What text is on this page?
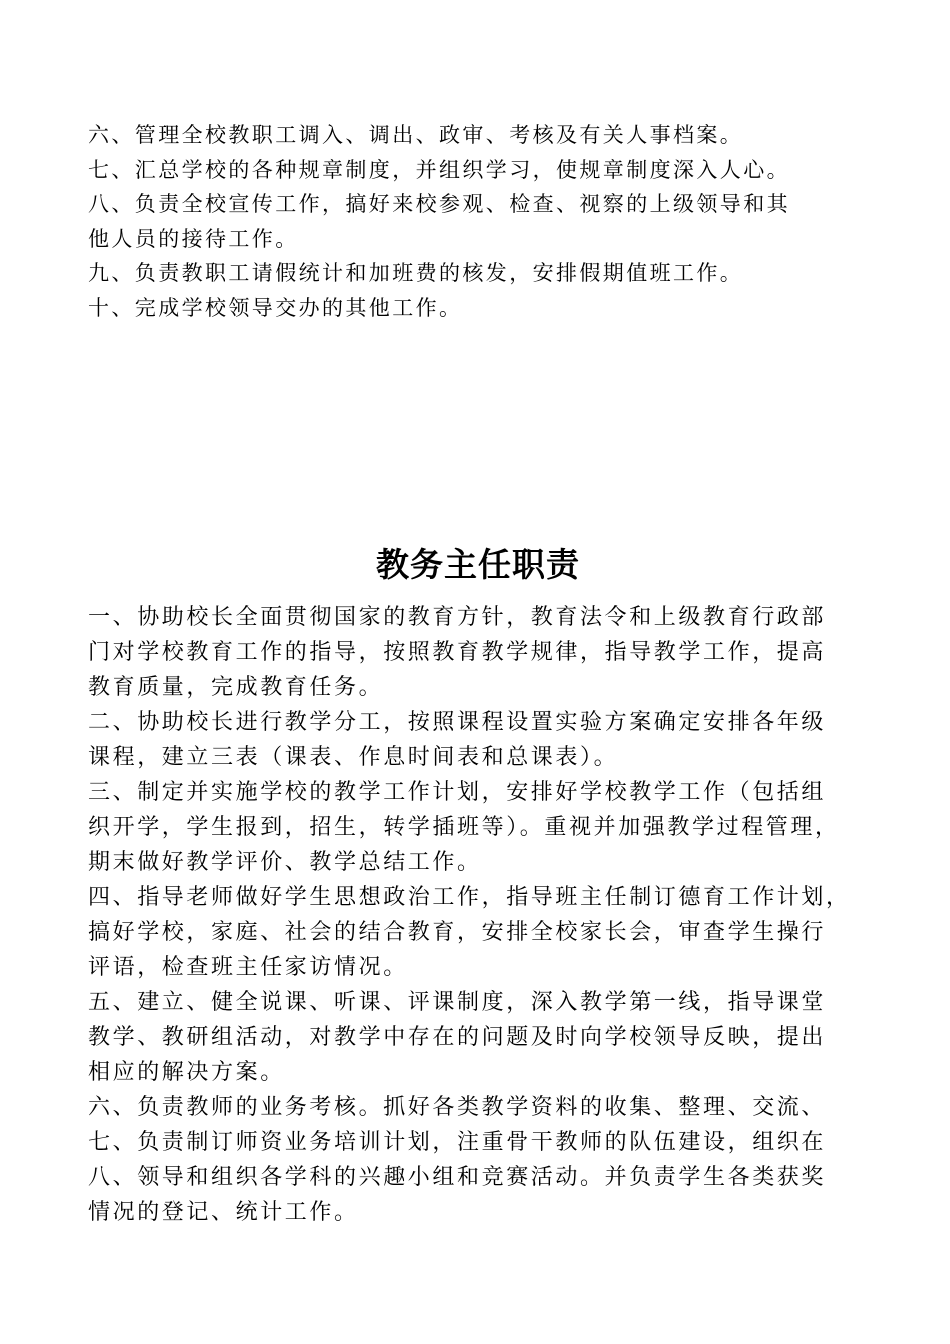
六、管理全校教职工调入、调出、政审、考核及有关人事档案。
七、汇总学校的各种规章制度，并组织学习，使规章制度深入人心。
八、负责全校宣传工作，搞好来校参观、检查、视察的上级领导和其
他人员的接待工作。
九、负责教职工请假统计和加班费的核发，安排假期值班工作。
十、完成学校领导交办的其他工作。
教务主任职责
一、协助校长全面贯彻国家的教育方针，教育法令和上级教育行政部
门对学校教育工作的指导，按照教育教学规律，指导教学工作，提高
教育质量，完成教育任务。
二、协助校长进行教学分工，按照课程设置实验方案确定安排各年级
课程，建立三表（课表、作息时间表和总课表）。
三、制定并实施学校的教学工作计划，安排好学校教学工作（包括组
织开学，学生报到，招生，转学插班等）。重视并加强教学过程管理，
期末做好教学评价、教学总结工作。
四、指导老师做好学生思想政治工作，指导班主任制订德育工作计划，
搞好学校，家庭、社会的结合教育，安排全校家长会，审查学生操行
评语，检查班主任家访情况。
五、建立、健全说课、听课、评课制度，深入教学第一线，指导课堂
教学、教研组活动，对教学中存在的问题及时向学校领导反映，提出
相应的解决方案。
六、负责教师的业务考核。抓好各类教学资料的收集、整理、交流、
七、负责制订师资业务培训计划，注重骨干教师的队伍建设，组织在
八、领导和组织各学科的兴趣小组和竞赛活动。并负责学生各类获奖
情况的登记、统计工作。
